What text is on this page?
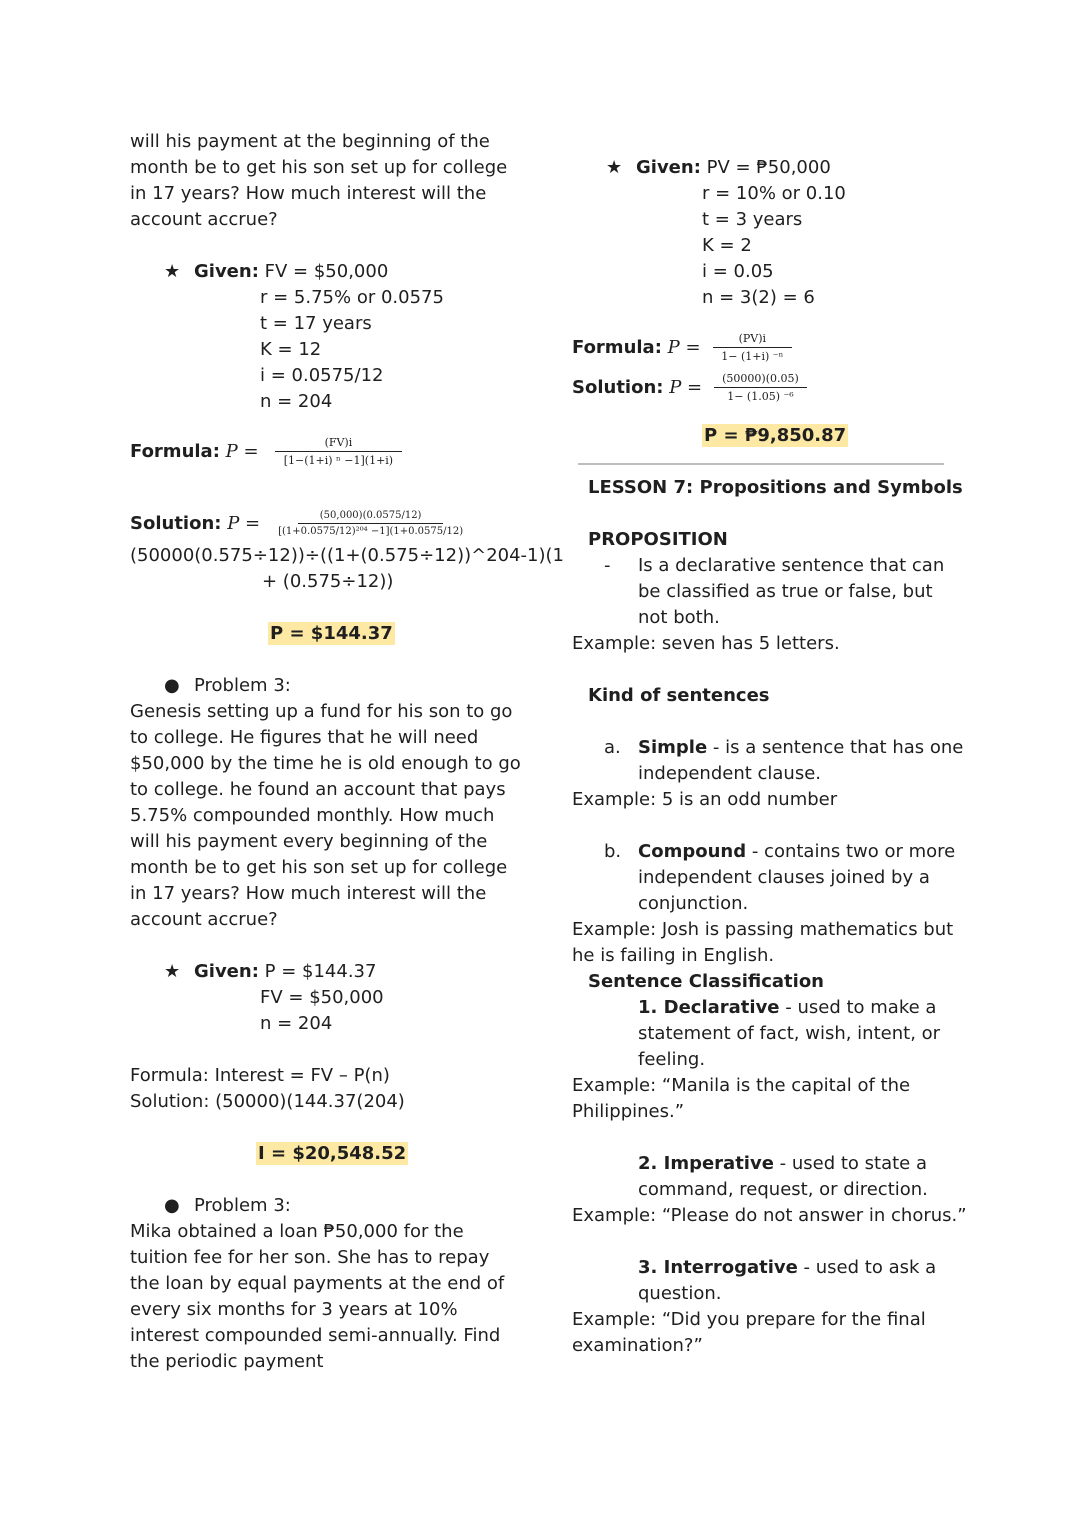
will his payment at the beginning of the
month be to get his son set up for college
in 17 years? How much interest will the
account accrue?
★ Given: FV = $50,000
r = 5.75% or 0.0575
t = 17 years
K = 12
i = 0.0575/12
n = 204
Formula:
$P = \frac{(FV)i}{\text{[1−(1+i) ⁿ −1](1+i)}}$
Solution:
$P = \frac{(50,000)(0.0575/12)}{\text{[(1+0.0575/12)²⁰⁴ −1](1+0.0575/12)}}$
(50000(0.575÷12))÷((1+(0.575÷12))^204-1)(1
+ (0.575÷12))
P = $144.37
● Problem 3:
Genesis setting up a fund for his son to go
to college. He figures that he will need
$50,000 by the time he is old enough to go
to college. he found an account that pays
5.75% compounded monthly. How much
will his payment every beginning of the
month be to get his son set up for college
in 17 years? How much interest will the
account accrue?
★ Given: P = $144.37
FV = $50,000
n = 204
Formula: Interest = FV – P(n)
Solution: (50000)(144.37(204)
I = $20,548.52
● Problem 3:
Mika obtained a loan ₱50,000 for the
tuition fee for her son. She has to repay
the loan by equal payments at the end of
every six months for 3 years at 10%
interest compounded semi-annually. Find
the periodic payment
★ Given: PV = ₱50,000
r = 10% or 0.10
t = 3 years
K = 2
i = 0.05
n = 3(2) = 6
Formula:
$P = \frac{(PV)i}{\text{1− (1+i) ⁻ⁿ}}$
Solution:
$P = \frac{(50000)(0.05)}{\text{1− (1.05) ⁻⁶}}$
P = ₱9,850.87
LESSON 7: Propositions and Symbols
PROPOSITION
- Is a declarative sentence that can
be classified as true or false, but
not both.
Example: seven has 5 letters.
Kind of sentences
a. Simple - is a sentence that has one
independent clause.
Example: 5 is an odd number
b. Compound - contains two or more
independent clauses joined by a
conjunction.
Example: Josh is passing mathematics but
he is failing in English.
Sentence Classification
1. Declarative - used to make a
statement of fact, wish, intent, or
feeling.
Example: “Manila is the capital of the
Philippines.”
2. Imperative - used to state a
command, request, or direction.
Example: “Please do not answer in chorus.”
3. Interrogative - used to ask a
question.
Example: “Did you prepare for the final
examination?”
